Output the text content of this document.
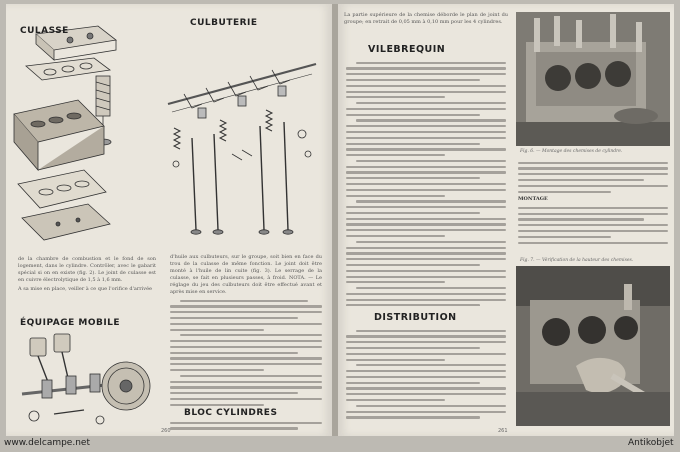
CULASSE
CULBUTERIE
de la chambre de combustion et le fond de son logement, dans le cylindre. Contrôler, avec le gabarit spécial si on en existe (fig. 2). Le joint de culasse est en cuivre électrolytique de 1,5 à 1,6 mm.
A sa mise en place, veiller à ce que l'orifice d'arrivée
ÉQUIPAGE MOBILE
d'huile aux culbuteurs, sur le groupe, soit bien en face du trou de la culasse de même fonction. Le joint doit être monté à l'huile de lin cuite (fig. 3). Le serrage de la culasse, se fait en plusieurs passes, à froid. NOTA. — Le réglage du jeu des culbuteurs doit être effectué avant et après mise en service.
BLOC CYLINDRES
260
La partie supérieure de la chemise déborde le plan de joint du groupe; en retrait de 0,05 mm à 0,10 mm pour les 4 cylindres.
VILEBREQUIN
DISTRIBUTION
Fig. 6. — Montage des chemises de cylindre.
MONTAGE
Fig. 7. — Vérification de la hauteur des chemises.
261
www.delcampe.net	Antikobjet
